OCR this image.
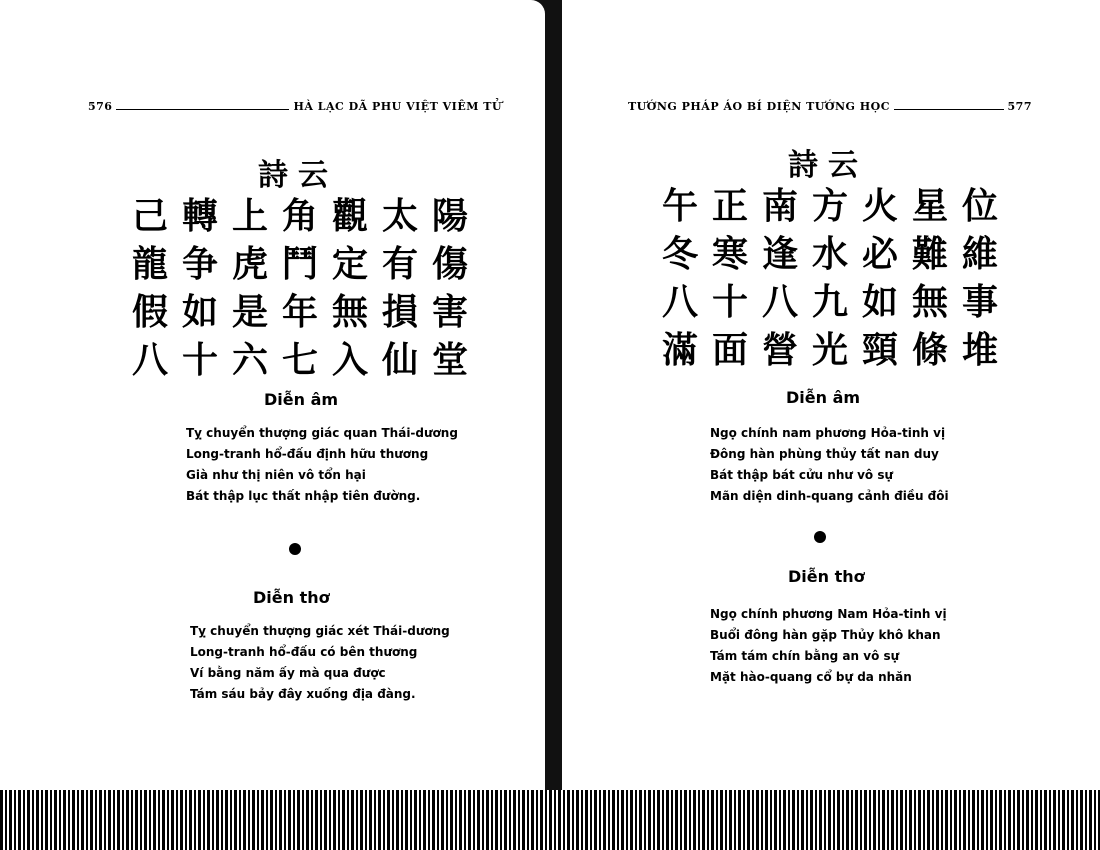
576	HÀ LẠC DÃ PHU VIỆT VIÊM TỬ
詩云
己 轉 上 角 觀 太 陽
龍 争 虎 鬥 定 有 傷
假 如 是 年 無 損 害
八 十 六 七 入 仙 堂
Diễn âm
Tỵ chuyển thượng giác quan Thái-dương
Long-tranh hổ-đấu định hữu thương
Già như thị niên vô tổn hại
Bát thập lục thất nhập tiên đường.
Diễn thơ
Tỵ chuyển thượng giác xét Thái-dương
Long-tranh hổ-đấu có bên thương
Ví bằng năm ấy mà qua được
Tám sáu bảy đây xuống địa đàng.
TƯỚNG PHÁP ÁO BÍ DIỆN TƯỚNG HỌC	577
詩云
午 正 南 方 火 星 位
冬 寒 逢 水 必 難 維
八 十 八 九 如 無 事
滿 面 營 光 頸 條 堆
Diễn âm
Ngọ chính nam phương Hỏa-tinh vị
Đông hàn phùng thủy tất nan duy
Bát thập bát cửu như vô sự
Mãn diện dinh-quang cảnh điều đôi
Diễn thơ
Ngọ chính phương Nam Hỏa-tinh vị
Buổi đông hàn gặp Thủy khô khan
Tám tám chín bằng an vô sự
Mặt hào-quang cổ bự da nhăn
